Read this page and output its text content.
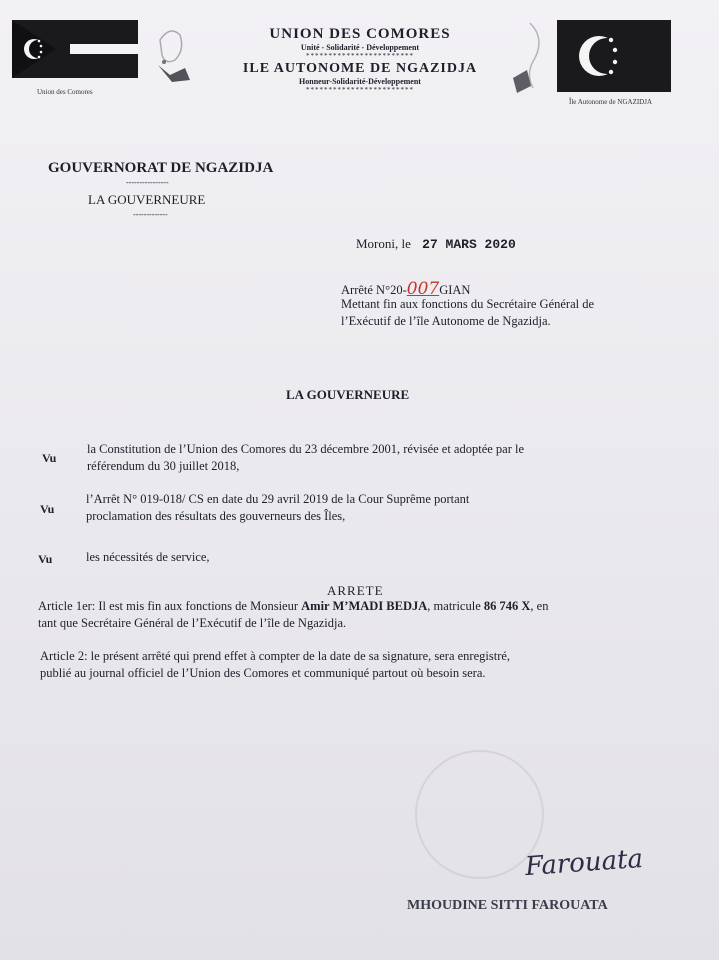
Union des Comores
UNION DES COMORES
Unité - Solidarité - Développement
************************
ILE AUTONOME DE NGAZIDJA
Honneur-Solidarité-Développement
************************
Île Autonome de NGAZIDJA
GOUVERNORAT DE NGAZIDJA
----------------
LA GOUVERNEURE
-------------
Moroni, le 27 MARS 2020
Arrêté N°20-007GIAN
Mettant fin aux fonctions du Secrétaire Général de
l’Exécutif de l’île Autonome de Ngazidja.
LA GOUVERNEURE
Vu
la Constitution de l’Union des Comores du 23 décembre 2001, révisée et adoptée par le
référendum du 30 juillet 2018,
Vu
l’Arrêt N° 019-018/ CS en date du 29 avril 2019 de la Cour Suprême portant
proclamation des résultats des gouverneurs des Îles,
Vu	les nécessités de service,
ARRETE
Article 1er: Il est mis fin aux fonctions de Monsieur Amir M’MADI BEDJA, matricule 86 746 X, en
tant que Secrétaire Général de l’Exécutif de l’île de Ngazidja.
Article 2: le présent arrêté qui prend effet à compter de la date de sa signature, sera enregistré,
publié au journal officiel de l’Union des Comores et communiqué partout où besoin sera.
Farouata
MHOUDINE SITTI FAROUATA
